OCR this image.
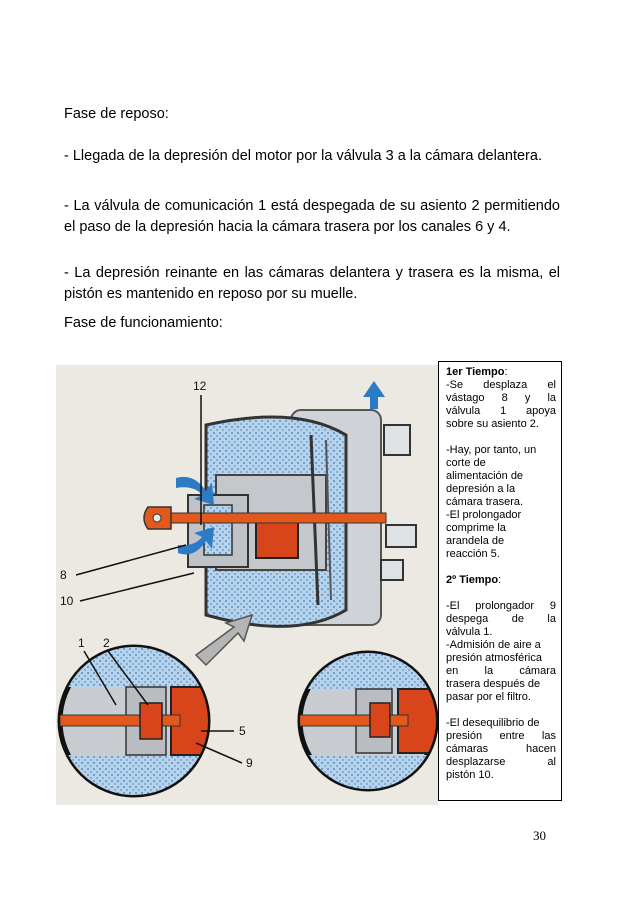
Fase de reposo:

- Llegada de la depresión del motor por la válvula 3 a la cámara delantera.

- La válvula de comunicación 1 está despegada de su asiento 2 permitiendo el paso de la depresión hacia la cámara trasera por los canales 6 y 4.

- La depresión reinante en las cámaras delantera y trasera es la misma, el pistón es mantenido en reposo por su muelle.

Fase de funcionamiento:

12
8
10
1 2
5
9

1er Tiempo:

-Se desplaza el

vástago 8 y la

válvula 1 apoya

sobre su asiento 2.

-Hay, por tanto, un

corte de

alimentación de

depresión a la

cámara trasera.

-El prolongador

comprime la

arandela de

reacción 5.

2º Tiempo:

-El prolongador 9

despega de la

válvula 1.

-Admisión de aire a

presión atmosférica

en la cámara

trasera después de

pasar por el filtro.

-El desequilibrio de

presión entre las

cámaras hacen

desplazarse al

pistón 10.

30
